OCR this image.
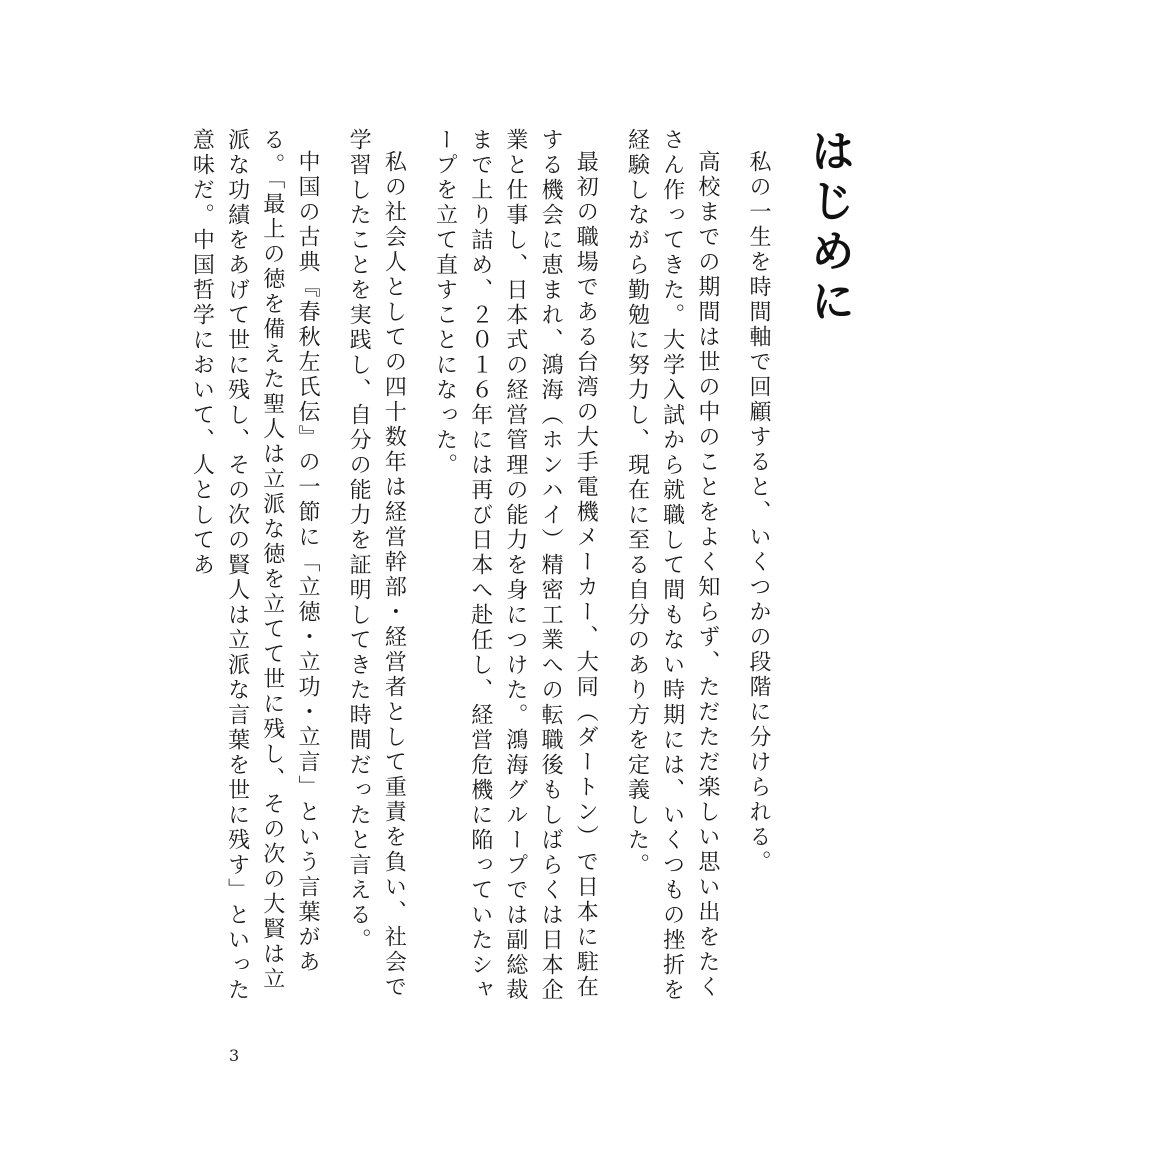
はじめに

私の一生を時間軸で回顧すると、いくつかの段階に分けられる。

高校までの期間は世の中のことをよく知らず、ただただ楽しい思い出をたくさん作ってきた。大学入試から就職して間もない時期には、いくつもの挫折を経験しながら勤勉に努力し、現在に至る自分のあり方を定義した。

最初の職場である台湾の大手電機メーカー、大同（ダートン）で日本に駐在する機会に恵まれ、鴻海（ホンハイ）精密工業への転職後もしばらくは日本企業と仕事し、日本式の経営管理の能力を身につけた。鴻海グループでは副総裁まで上り詰め、２０１６年には再び日本へ赴任し、経営危機に陥っていたシャープを立て直すことになった。

私の社会人としての四十数年は経営幹部・経営者として重責を負い、社会で学習したことを実践し、自分の能力を証明してきた時間だったと言える。

中国の古典『春秋左氏伝』の一節に「立徳・立功・立言」という言葉がある。「最上の徳を備えた聖人は立派な徳を立てて世に残し、その次の大賢は立派な功績をあげて世に残し、その次の賢人は立派な言葉を世に残す」といった意味だ。中国哲学において、人としてあ

3
